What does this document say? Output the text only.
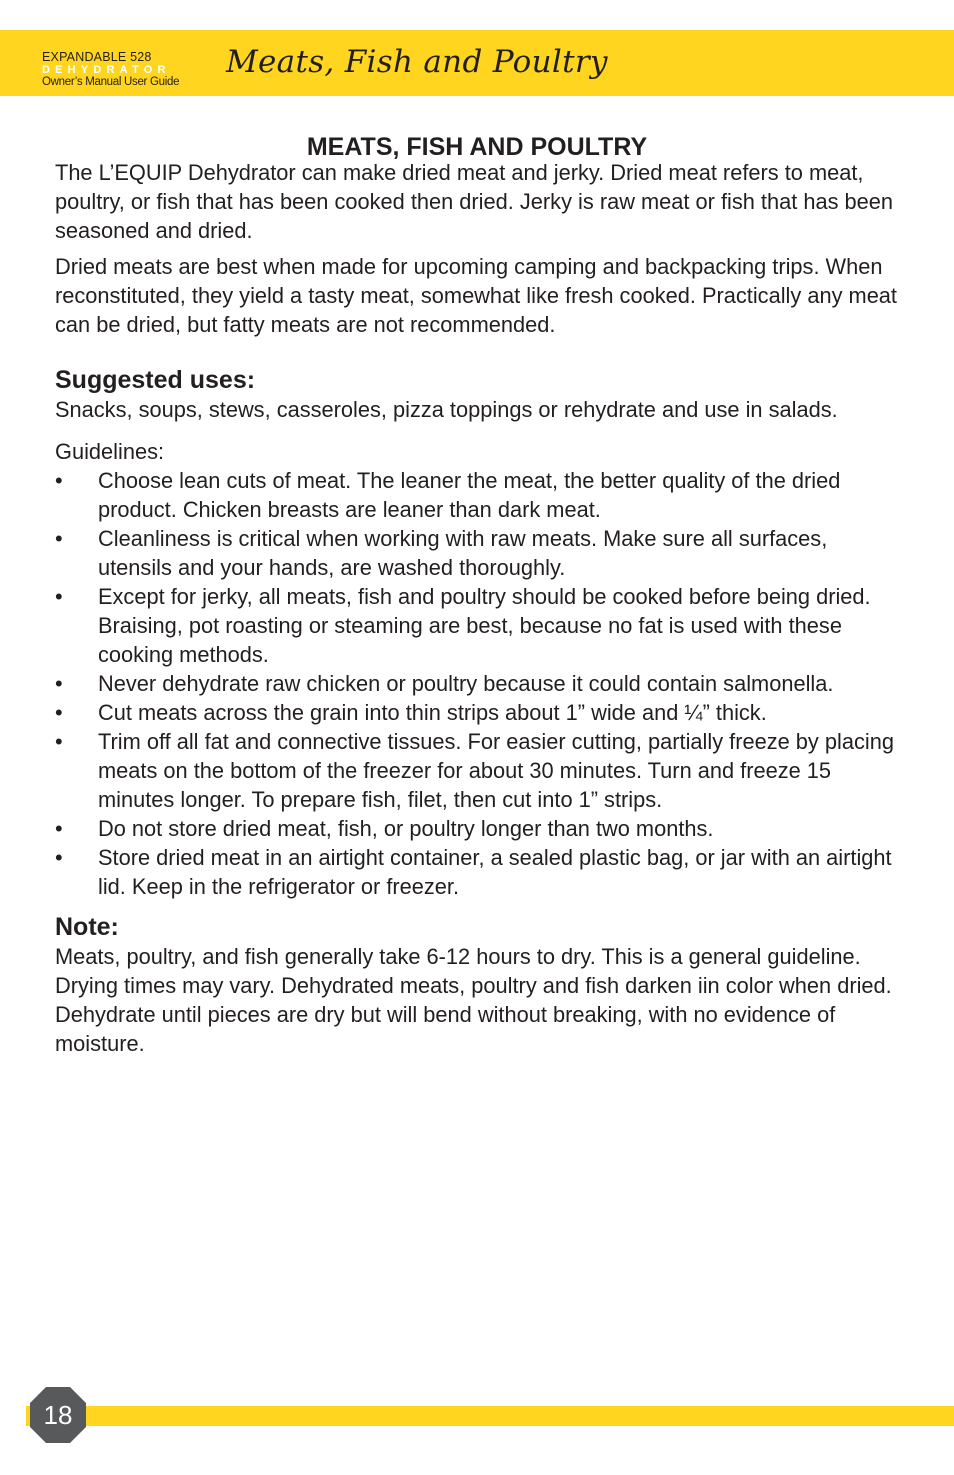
EXPANDABLE 528
DEHYDRATOR
Owner’s Manual User Guide
Meats, Fish and Poultry
MEATS, FISH AND POULTRY

The L’EQUIP Dehydrator can make dried meat and jerky. Dried meat refers to meat, poultry, or fish that has been cooked then dried. Jerky is raw meat or fish that has been seasoned and dried.

Dried meats are best when made for upcoming camping and backpacking trips. When reconstituted, they yield a tasty meat, somewhat like fresh cooked. Practically any meat can be dried, but fatty meats are not recommended.

Suggested uses:

Snacks, soups, stews, casseroles, pizza toppings or rehydrate and use in salads.

Guidelines:

• Choose lean cuts of meat. The leaner the meat, the better quality of the dried product. Chicken breasts are leaner than dark meat.
• Cleanliness is critical when working with raw meats. Make sure all surfaces, utensils and your hands, are washed thoroughly.
• Except for jerky, all meats, fish and poultry should be cooked before being dried. Braising, pot roasting or steaming are best, because no fat is used with these cooking methods.
• Never dehydrate raw chicken or poultry because it could contain salmonella.
• Cut meats across the grain into thin strips about 1” wide and ¼” thick.
• Trim off all fat and connective tissues. For easier cutting, partially freeze by placing meats on the bottom of the freezer for about 30 minutes. Turn and freeze 15 minutes longer. To prepare fish, filet, then cut into 1” strips.
• Do not store dried meat, fish, or poultry longer than two months.
• Store dried meat in an airtight container, a sealed plastic bag, or jar with an airtight lid. Keep in the refrigerator or freezer.
Note:

Meats, poultry, and fish generally take 6-12 hours to dry. This is a general guideline. Drying times may vary. Dehydrated meats, poultry and fish darken iin color when dried. Dehydrate until pieces are dry but will bend without breaking, with no evidence of moisture.

18
